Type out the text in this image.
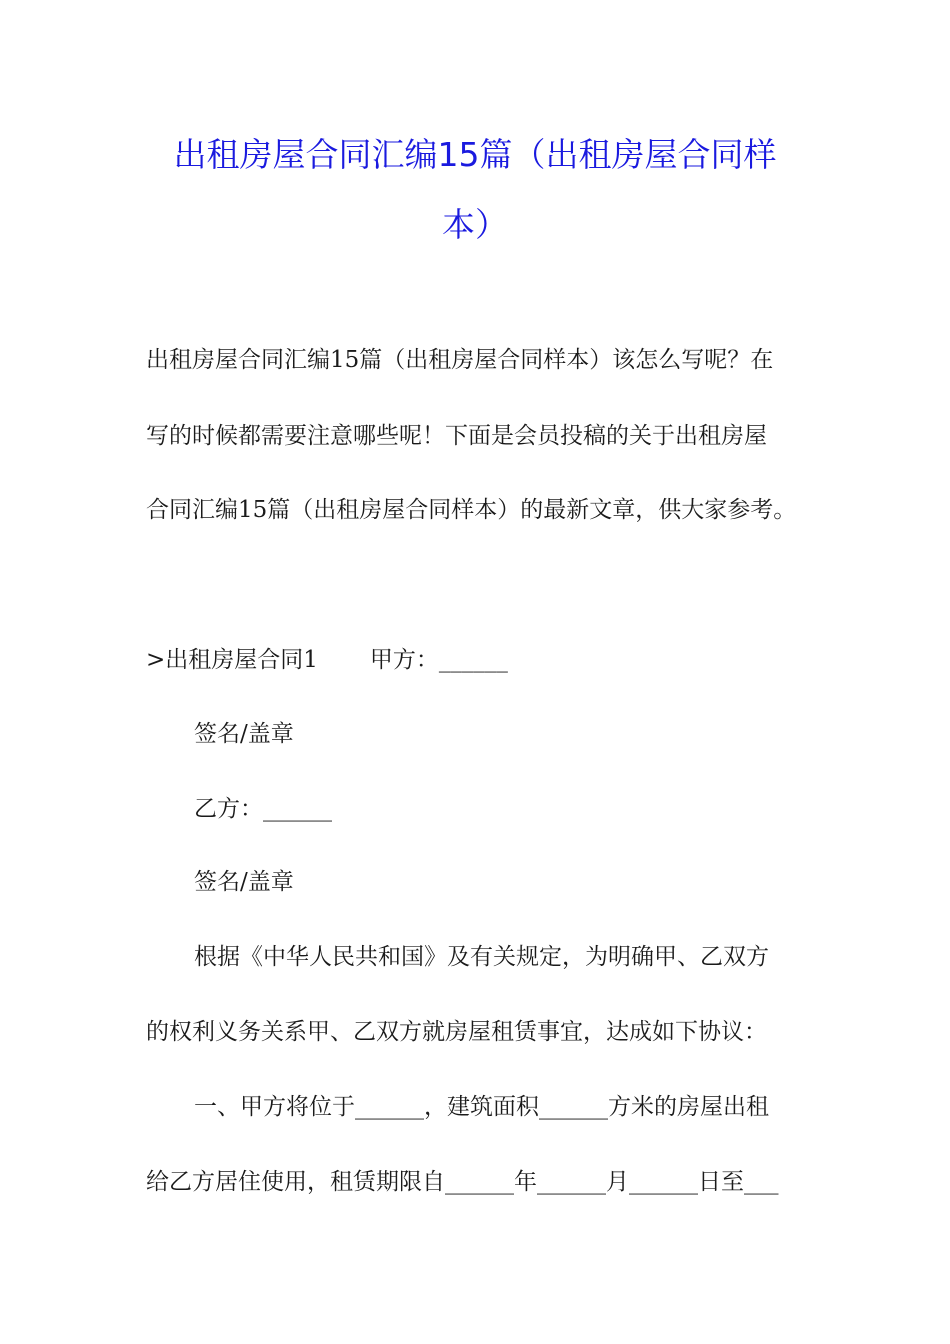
出租房屋合同汇编15篇（出租房屋合同样
本）
出租房屋合同汇编15篇（出租房屋合同样本）该怎么写呢？在
写的时候都需要注意哪些呢！下面是会员投稿的关于出租房屋
合同汇编15篇（出租房屋合同样本）的最新文章，供大家参考。
>出租房屋合同1 甲方：______
签名/盖章
乙方：______
签名/盖章
根据《中华人民共和国》及有关规定，为明确甲、乙双方
的权利义务关系甲、乙双方就房屋租赁事宜，达成如下协议：
一、甲方将位于______，建筑面积______方米的房屋出租
给乙方居住使用，租赁期限自______年______月______日至___
